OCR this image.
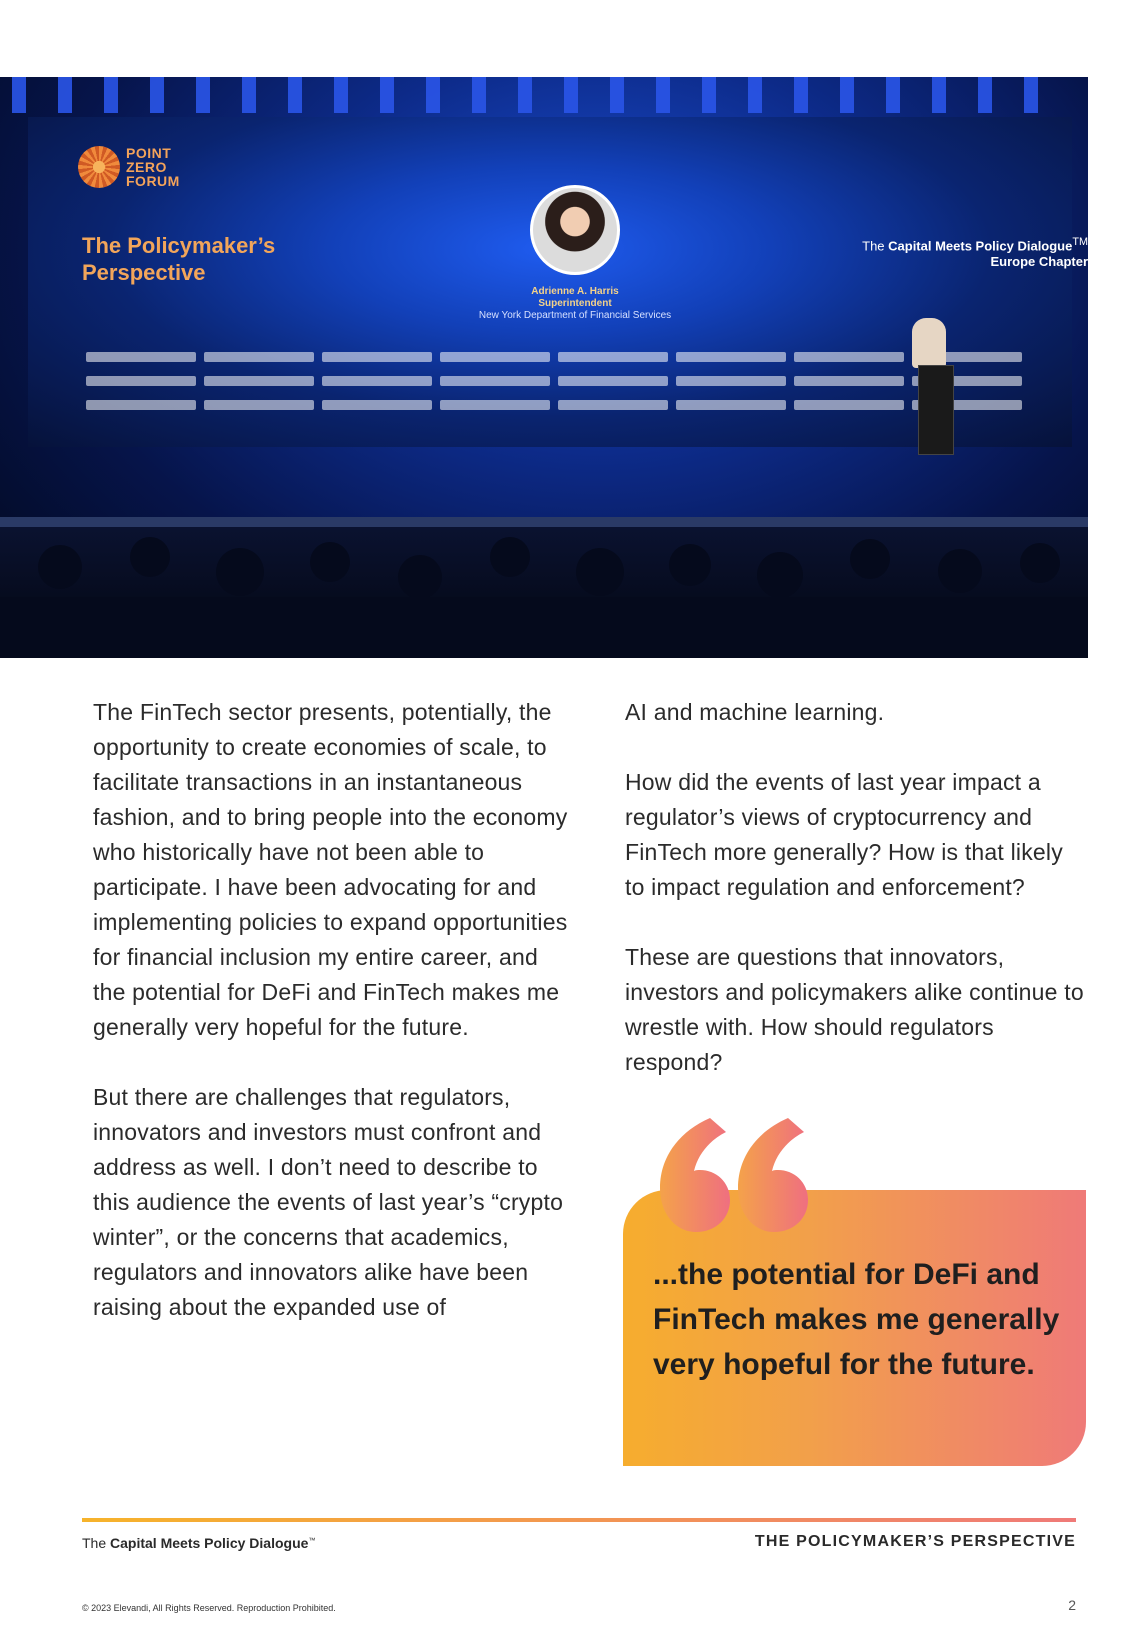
POINT
ZERO
FORUM
The Policymaker’s
Perspective
The Capital Meets Policy Dialogue™
Europe Chapter
Adrienne A. Harris
Superintendent
New York Department of Financial Services

The FinTech sector presents, potentially, the opportunity to create economies of scale, to facilitate transactions in an instantaneous fashion, and to bring people into the economy who historically have not been able to participate. I have been advocating for and implementing policies to expand opportunities for financial inclusion my entire career, and the potential for DeFi and FinTech makes me generally very hopeful for the future.

But there are challenges that regulators, innovators and investors must confront and address as well. I don’t need to describe to this audience the events of last year’s “crypto winter”, or the concerns that academics, regulators and innovators alike have been raising about the expanded use of

AI and machine learning.

How did the events of last year impact a regulator’s views of cryptocurrency and FinTech more generally? How is that likely to impact regulation and enforcement?

These are questions that innovators, investors and policymakers alike continue to wrestle with. How should regulators respond?

...the potential for DeFi and FinTech makes me generally very hopeful for the future.
The Capital Meets Policy Dialogue™	THE POLICYMAKER’S PERSPECTIVE
© 2023 Elevandi, All Rights Reserved. Reproduction Prohibited.	2
